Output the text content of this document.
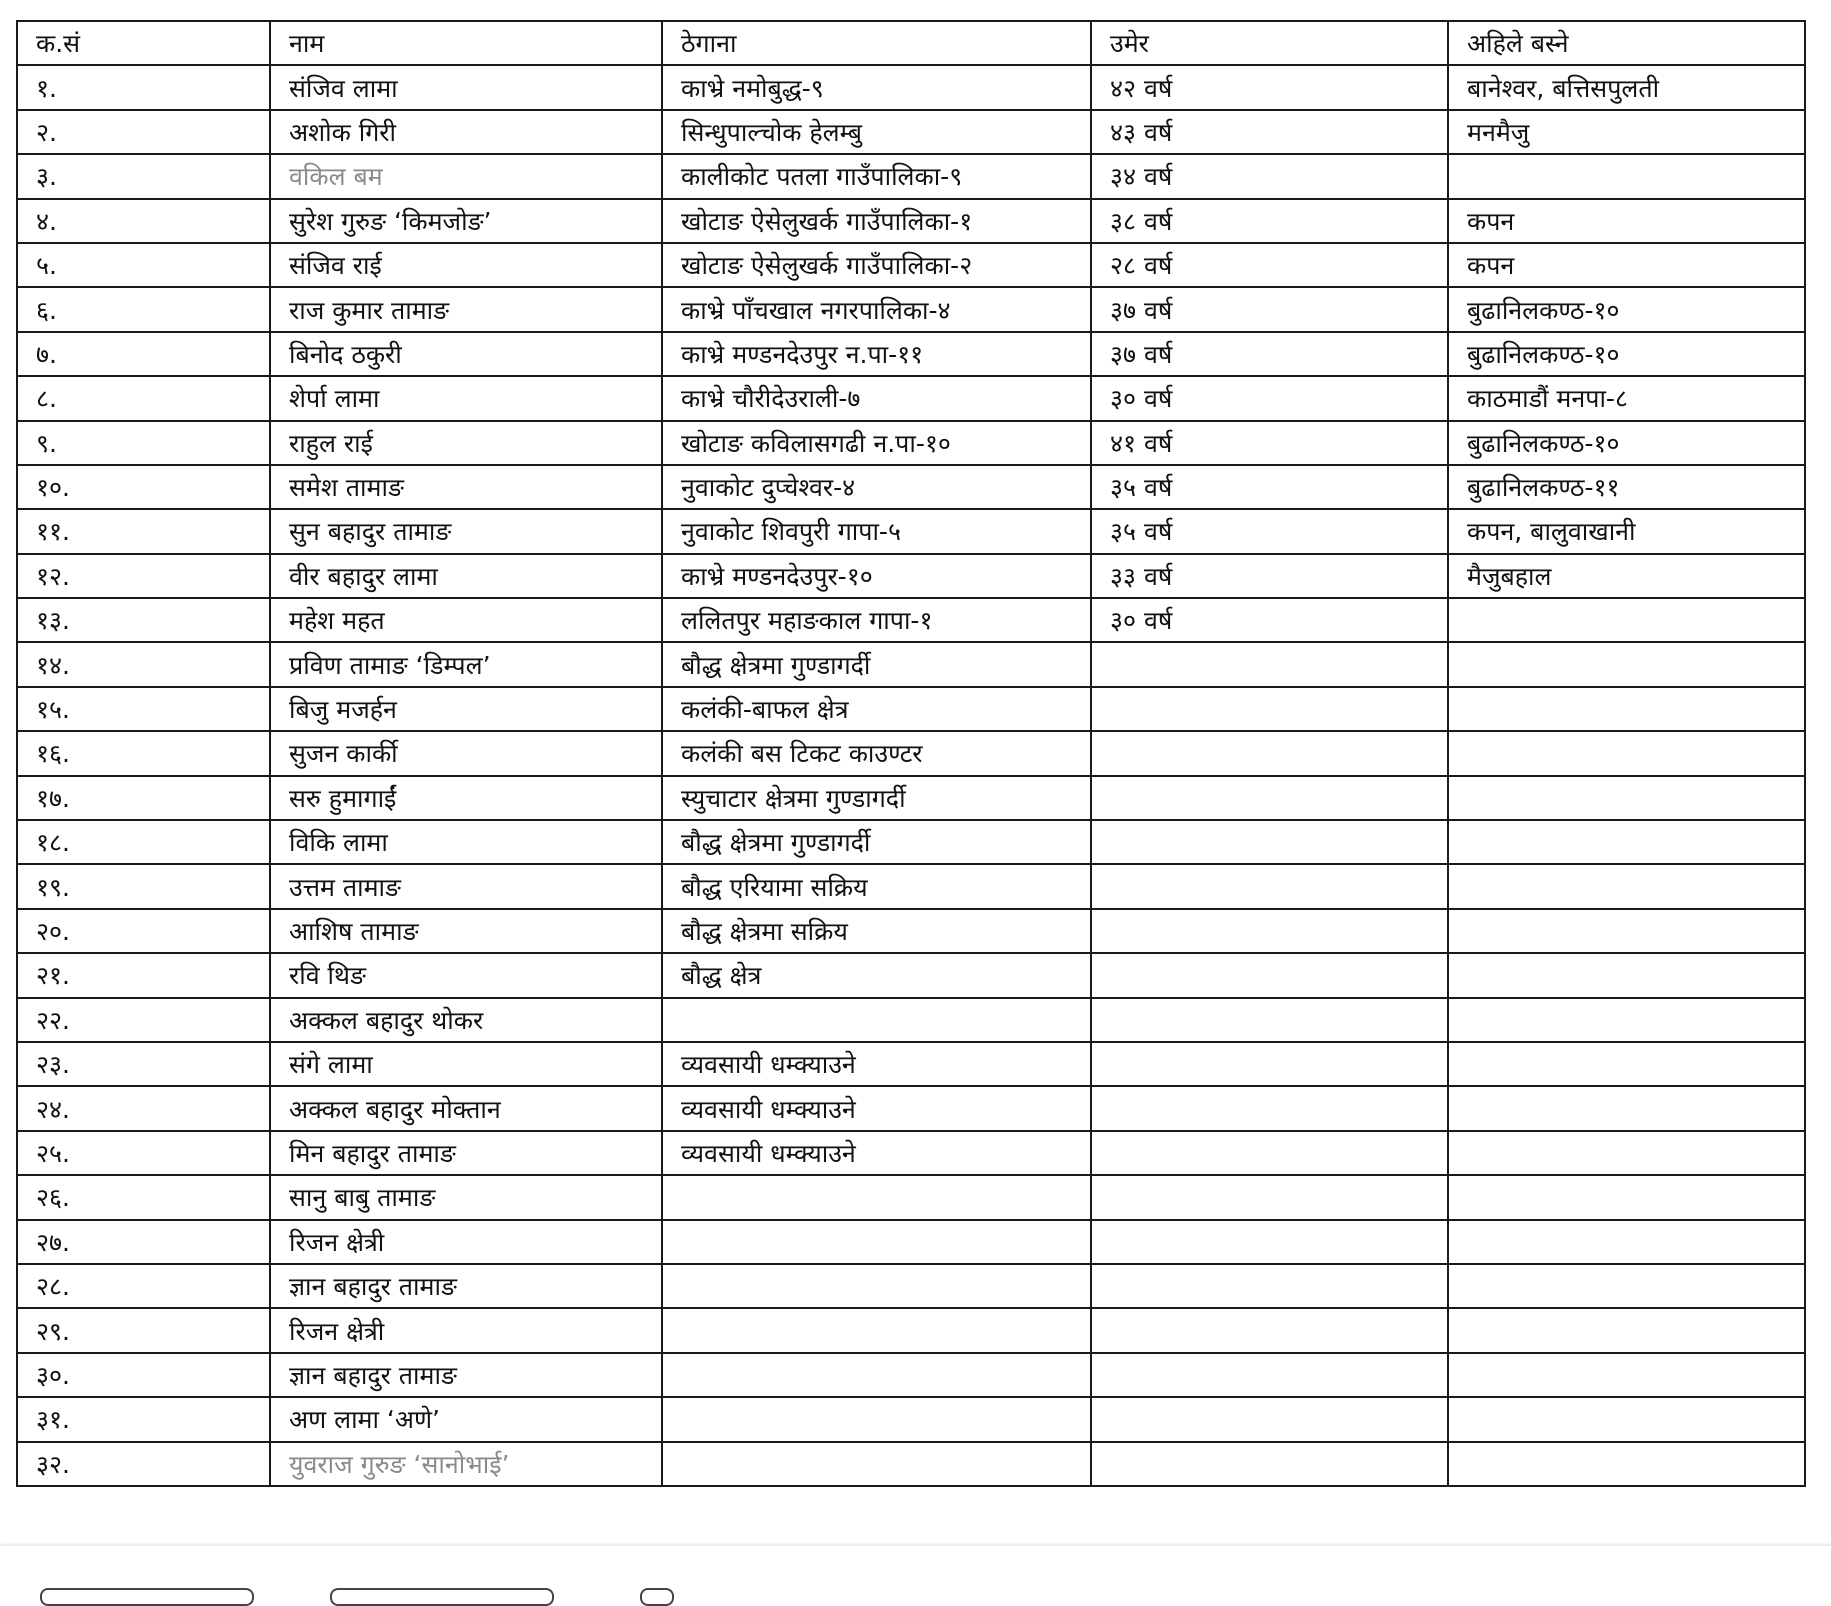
क.सं	नाम	ठेगाना	उमेर	अहिले बस्ने
१.	संजिव लामा	काभ्रे नमोबुद्ध-९	४२ वर्ष	बानेश्वर, बत्तिसपुलती
२.	अशोक गिरी	सिन्धुपाल्चोक हेलम्बु	४३ वर्ष	मनमैजु
३.	वकिल बम	कालीकोट पतला गाउँपालिका-९	३४ वर्ष	
४.	सुरेश गुरुङ ‘किमजोङ’	खोटाङ ऐसेलुखर्क गाउँपालिका-१	३८ वर्ष	कपन
५.	संजिव राई	खोटाङ ऐसेलुखर्क गाउँपालिका-२	२८ वर्ष	कपन
६.	राज कुमार तामाङ	काभ्रे पाँचखाल नगरपालिका-४	३७ वर्ष	बुढानिलकण्ठ-१०
७.	बिनोद ठकुरी	काभ्रे मण्डनदेउपुर न.पा-११	३७ वर्ष	बुढानिलकण्ठ-१०
८.	शेर्पा लामा	काभ्रे चौरीदेउराली-७	३० वर्ष	काठमाडौं मनपा-८
९.	राहुल राई	खोटाङ कविलासगढी न.पा-१०	४१ वर्ष	बुढानिलकण्ठ-१०
१०.	समेश तामाङ	नुवाकोट दुप्चेश्वर-४	३५ वर्ष	बुढानिलकण्ठ-११
११.	सुन बहादुर तामाङ	नुवाकोट शिवपुरी गापा-५	३५ वर्ष	कपन, बालुवाखानी
१२.	वीर बहादुर लामा	काभ्रे मण्डनदेउपुर-१०	३३ वर्ष	मैजुबहाल
१३.	महेश महत	ललितपुर महाङकाल गापा-१	३० वर्ष	
१४.	प्रविण तामाङ ‘डिम्पल’	बौद्ध क्षेत्रमा गुण्डागर्दी		
१५.	बिजु मजर्हन	कलंकी-बाफल क्षेत्र		
१६.	सुजन कार्की	कलंकी बस टिकट काउण्टर		
१७.	सरु हुमागाईं	स्युचाटार क्षेत्रमा गुण्डागर्दी		
१८.	विकि लामा	बौद्ध क्षेत्रमा गुण्डागर्दी		
१९.	उत्तम तामाङ	बौद्ध एरियामा सक्रिय		
२०.	आशिष तामाङ	बौद्ध क्षेत्रमा सक्रिय		
२१.	रवि थिङ	बौद्ध क्षेत्र		
२२.	अक्कल बहादुर थोकर			
२३.	संगे लामा	व्यवसायी धम्क्याउने		
२४.	अक्कल बहादुर मोक्तान	व्यवसायी धम्क्याउने		
२५.	मिन बहादुर तामाङ	व्यवसायी धम्क्याउने		
२६.	सानु बाबु तामाङ			
२७.	रिजन क्षेत्री			
२८.	ज्ञान बहादुर तामाङ			
२९.	रिजन क्षेत्री			
३०.	ज्ञान बहादुर तामाङ			
३१.	अण लामा ‘अणे’			
३२.	युवराज गुरुङ ‘सानोभाई’			
